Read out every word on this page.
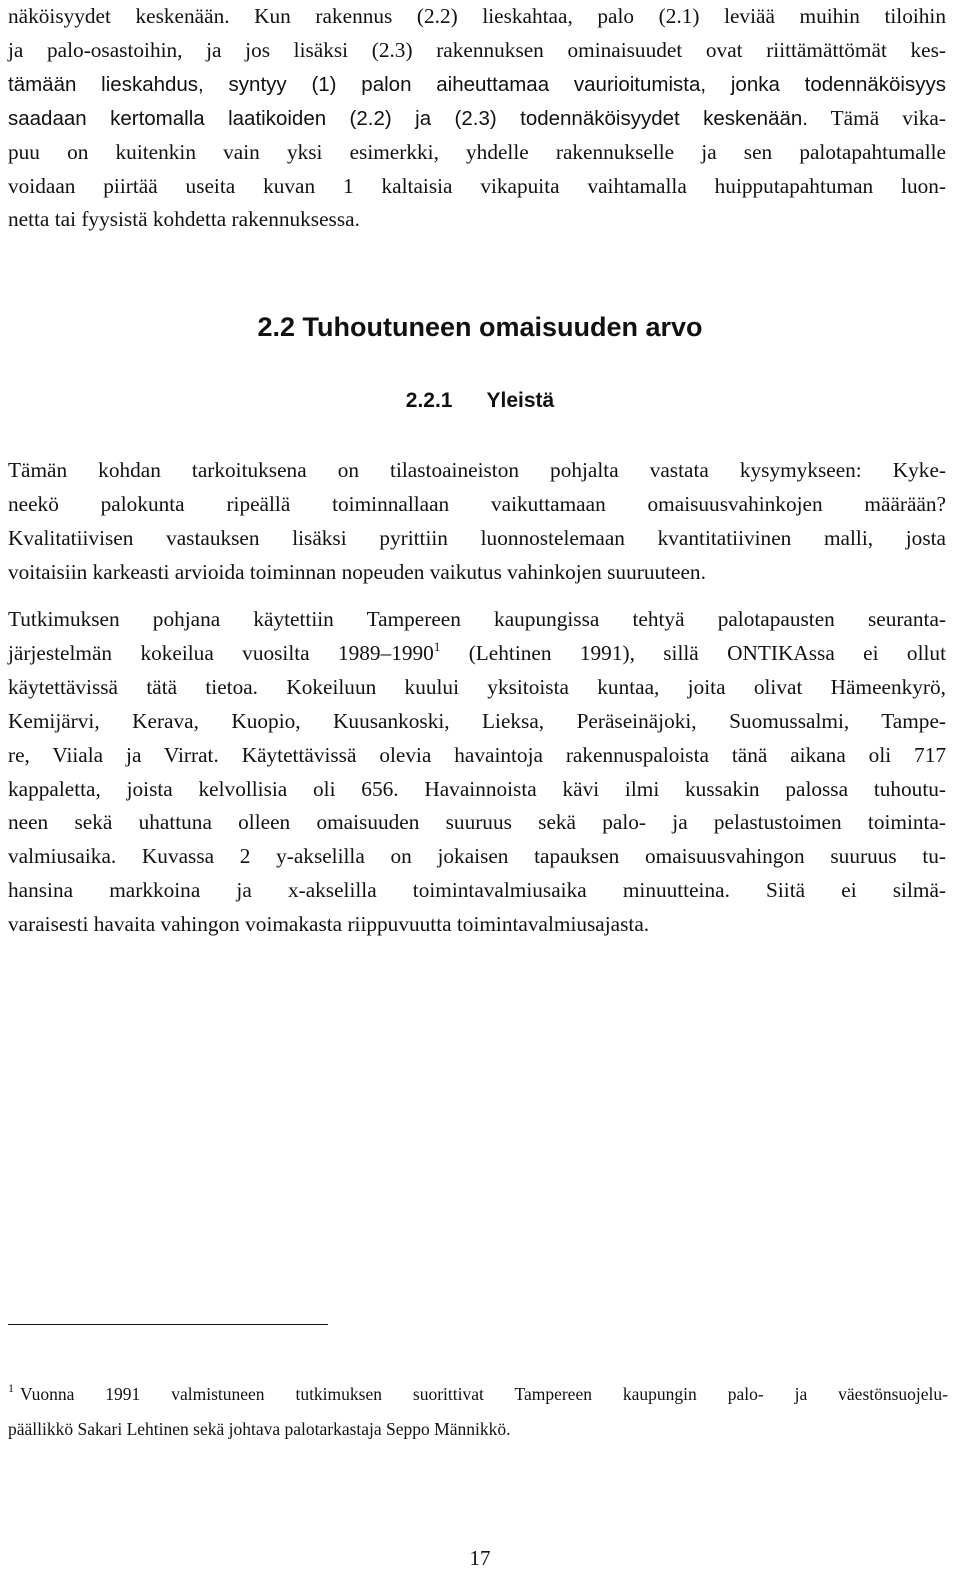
näköisyydet keskenään. Kun rakennus (2.2) lieskahtaa, palo (2.1) leviää muihin tiloihin
ja palo-osastoihin, ja jos lisäksi (2.3) rakennuksen ominaisuudet ovat riittämättömät kes-
tämään lieskahdus, syntyy (1) palon aiheuttamaa vaurioitumista, jonka todennäköisyys
saadaan kertomalla laatikoiden (2.2) ja (2.3) todennäköisyydet keskenään. Tämä vika-
puu on kuitenkin vain yksi esimerkki, yhdelle rakennukselle ja sen palotapahtumalle
voidaan piirtää useita kuvan 1 kaltaisia vikapuita vaihtamalla huipputapahtuman luon-
netta tai fyysistä kohdetta rakennuksessa.
2.2 Tuhoutuneen omaisuuden arvo
2.2.1 Yleistä
Tämän kohdan tarkoituksena on tilastoaineiston pohjalta vastata kysymykseen: Kyke-
neekö palokunta ripeällä toiminnallaan vaikuttamaan omaisuusvahinkojen määrään?
Kvalitatiivisen vastauksen lisäksi pyrittiin luonnostelemaan kvantitatiivinen malli, josta
voitaisiin karkeasti arvioida toiminnan nopeuden vaikutus vahinkojen suuruuteen.
Tutkimuksen pohjana käytettiin Tampereen kaupungissa tehtyä palotapausten seuranta-
järjestelmän kokeilua vuosilta 1989–1990$^1$ (Lehtinen 1991), sillä ONTIKAssa ei ollut
käytettävissä tätä tietoa. Kokeiluun kuului yksitoista kuntaa, joita olivat Hämeenkyrö,
Kemijärvi, Kerava, Kuopio, Kuusankoski, Lieksa, Peräseinäjoki, Suomussalmi, Tampe-
re, Viiala ja Virrat. Käytettävissä olevia havaintoja rakennuspaloista tänä aikana oli 717
kappaletta, joista kelvollisia oli 656. Havainnoista kävi ilmi kussakin palossa tuhoutu-
neen sekä uhattuna olleen omaisuuden suuruus sekä palo- ja pelastustoimen toiminta-
valmiusaika. Kuvassa 2 y-akselilla on jokaisen tapauksen omaisuusvahingon suuruus tu-
hansina markkoina ja x-akselilla toimintavalmiusaika minuutteina. Siitä ei silmä-
varaisesti havaita vahingon voimakasta riippuvuutta toimintavalmiusajasta.
$^1$ Vuonna 1991 valmistuneen tutkimuksen suorittivat Tampereen kaupungin palo- ja väestönsuojelu-
päällikkö Sakari Lehtinen sekä johtava palotarkastaja Seppo Männikkö.
17
